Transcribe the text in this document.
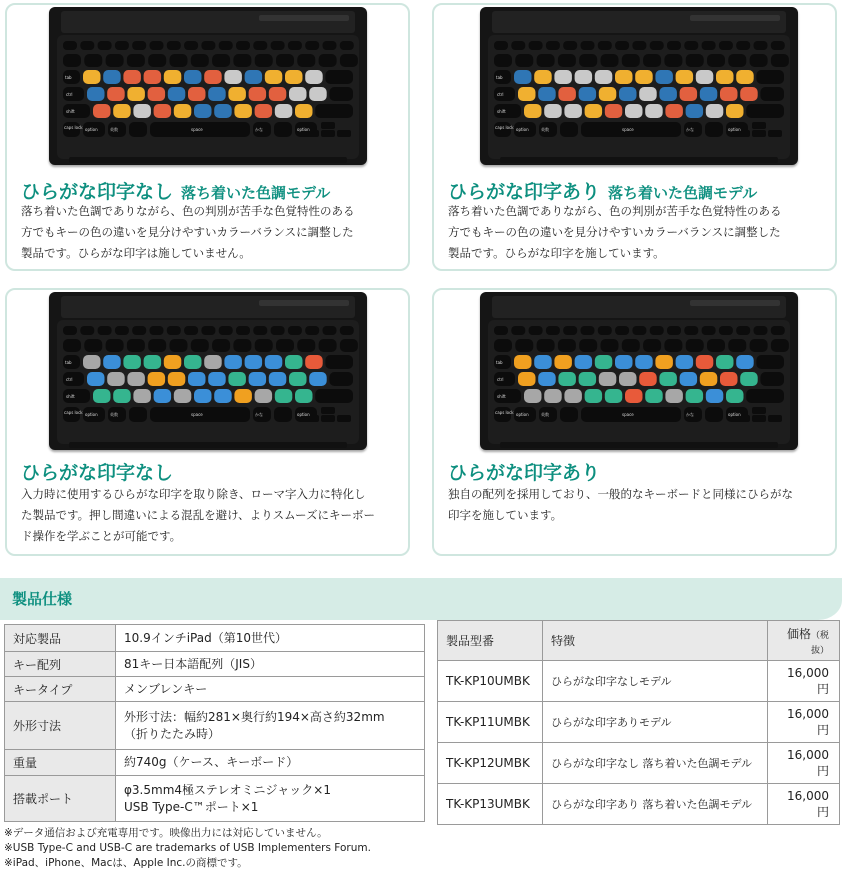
tab
ctrl
shift
option	space	option
英数	かな
caps lock
ひらがな印字なし 落ち着いた色調モデル
落ち着いた色調でありながら、色の判別が苦手な色覚特性のある
方でもキーの色の違いを見分けやすいカラーバランスに調整した
製品です。ひらがな印字は施していません。
tab
ctrl
shift
option	space	option
英数	かな
caps lock
ひらがな印字あり 落ち着いた色調モデル
落ち着いた色調でありながら、色の判別が苦手な色覚特性のある
方でもキーの色の違いを見分けやすいカラーバランスに調整した
製品です。ひらがな印字を施しています。
tab
ctrl
shift
option	space	option
英数	かな
caps lock
ひらがな印字なし
入力時に使用するひらがな印字を取り除き、ローマ字入力に特化し
た製品です。押し間違いによる混乱を避け、よりスムーズにキーボー
ド操作を学ぶことが可能です。
tab
ctrl
shift
option	space	option
英数	かな
caps lock
ひらがな印字あり
独自の配列を採用しており、一般的なキーボードと同様にひらがな
印字を施しています。
製品仕様
対応製品	10.9インチiPad（第10世代）

キー配列	81キー日本語配列（JIS）

キータイプ	メンブレンキー

外形寸法	外形寸法：幅約281×奥行約194×高さ約32mm
（折りたたみ時）

重量	約740g（ケース、キーボード）

搭載ポート	φ3.5mm4極ステレオミニジャック×1
USB Type-C™ポート×1
製品型番	特徴	価格（税抜）
TK-KP10UMBK	ひらがな印字なしモデル	16,000円
TK-KP11UMBK	ひらがな印字ありモデル	16,000円
TK-KP12UMBK	ひらがな印字なし 落ち着いた色調モデル	16,000円
TK-KP13UMBK	ひらがな印字あり 落ち着いた色調モデル	16,000円
※データ通信および充電専用です。映像出力には対応していません。
※USB Type-C and USB-C are trademarks of USB Implementers Forum.
※iPad、iPhone、Macは、Apple Inc.の商標です。
